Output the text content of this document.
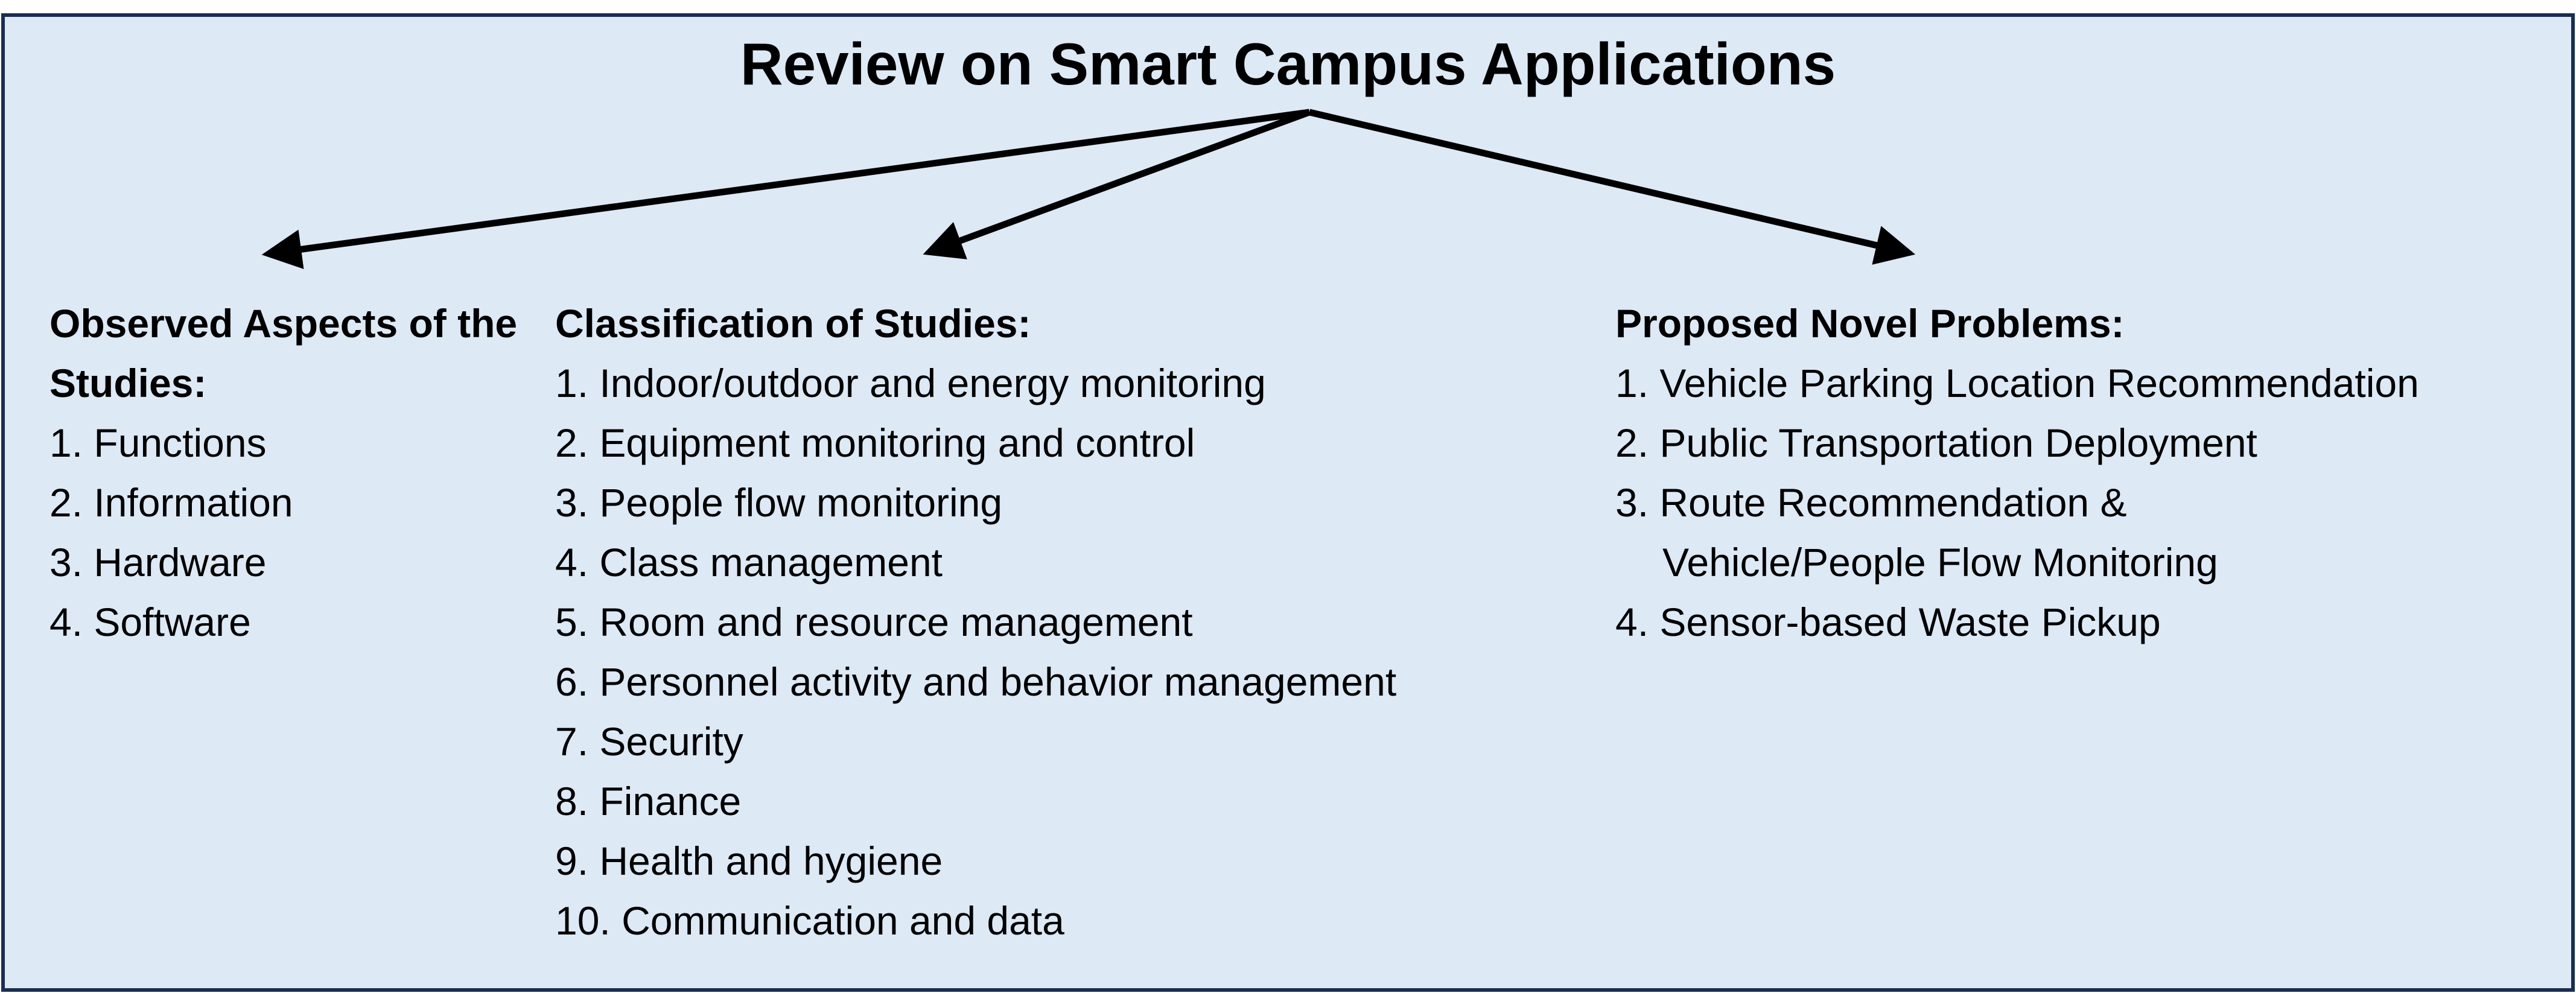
Review on Smart Campus Applications
Observed Aspects of the Studies:
1. Functions
2. Information
3. Hardware
4. Software
Classification of Studies:
1. Indoor/outdoor and energy monitoring
2. Equipment monitoring and control
3. People flow monitoring
4. Class management
5. Room and resource management
6. Personnel activity and behavior management
7. Security
8. Finance
9. Health and hygiene
10. Communication and data
Proposed Novel Problems:
1. Vehicle Parking Location Recommendation
2. Public Transportation Deployment
3. Route Recommendation &
Vehicle/People Flow Monitoring
4. Sensor-based Waste Pickup
